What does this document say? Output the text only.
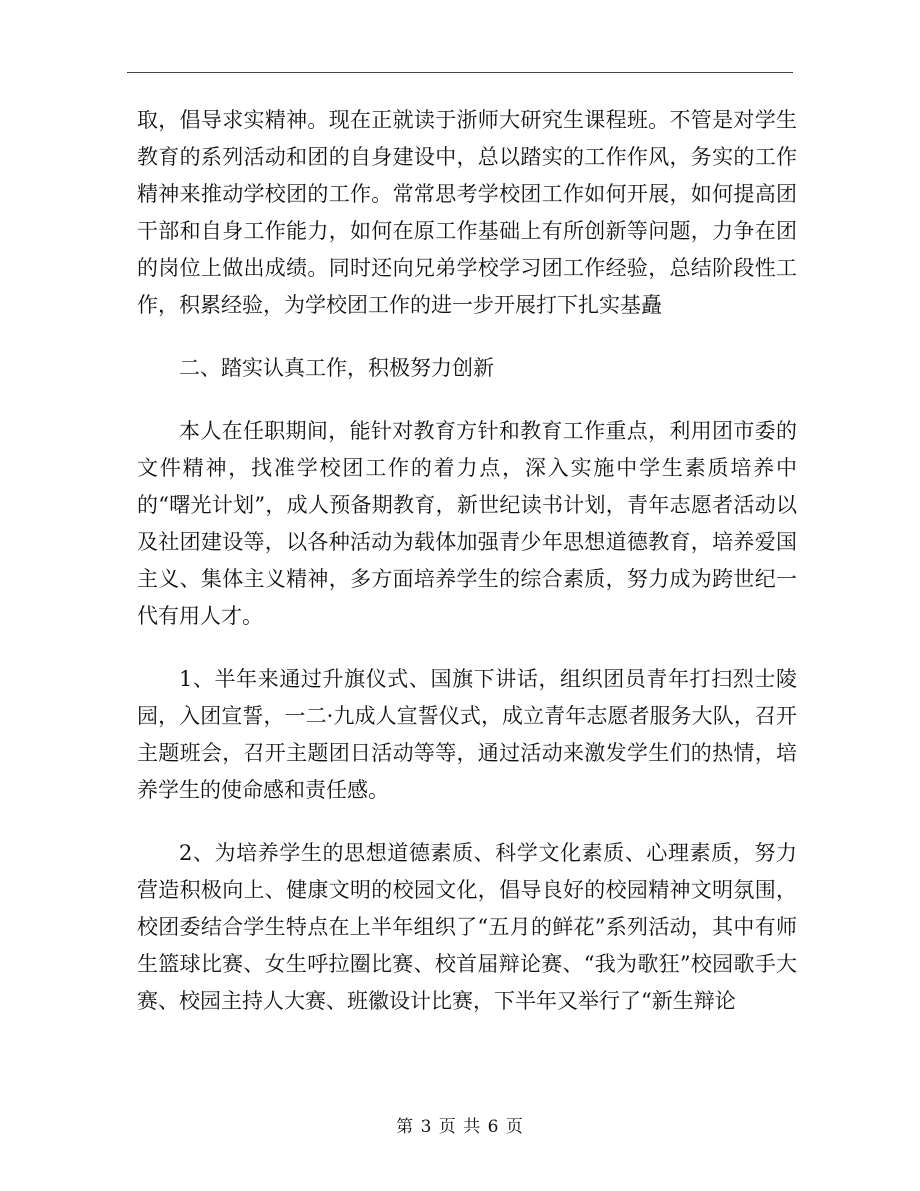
取，倡导求实精神。现在正就读于浙师大研究生课程班。不管是对学生教育的系列活动和团的自身建设中，总以踏实的工作作风，务实的工作精神来推动学校团的工作。常常思考学校团工作如何开展，如何提高团干部和自身工作能力，如何在原工作基础上有所创新等问题，力争在团的岗位上做出成绩。同时还向兄弟学校学习团工作经验，总结阶段性工作，积累经验，为学校团工作的进一步开展打下扎实基矗

二、踏实认真工作，积极努力创新

本人在任职期间，能针对教育方针和教育工作重点，利用团市委的文件精神，找准学校团工作的着力点，深入实施中学生素质培养中的“曙光计划”，成人预备期教育，新世纪读书计划，青年志愿者活动以及社团建设等，以各种活动为载体加强青少年思想道德教育，培养爱国主义、集体主义精神，多方面培养学生的综合素质，努力成为跨世纪一代有用人才。

1、半年来通过升旗仪式、国旗下讲话，组织团员青年打扫烈士陵园，入团宣誓，一二·九成人宣誓仪式，成立青年志愿者服务大队，召开主题班会，召开主题团日活动等等，通过活动来激发学生们的热情，培养学生的使命感和责任感。

2、为培养学生的思想道德素质、科学文化素质、心理素质，努力营造积极向上、健康文明的校园文化，倡导良好的校园精神文明氛围，校团委结合学生特点在上半年组织了“五月的鲜花”系列活动，其中有师生篮球比赛、女生呼拉圈比赛、校首届辩论赛、“我为歌狂”校园歌手大赛、校园主持人大赛、班徽设计比赛，下半年又举行了“新生辩论

第 3 页 共 6 页
